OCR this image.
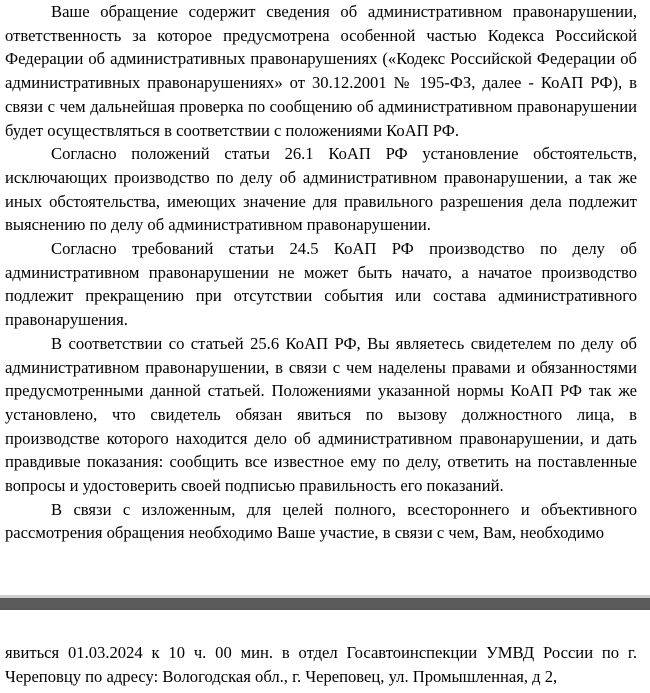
Ваше обращение содержит сведения об административном правонарушении, ответственность за которое предусмотрена особенной частью Кодекса Российской Федерации об административных правонарушениях («Кодекс Российской Федерации об административных правонарушениях» от 30.12.2001 № 195-ФЗ, далее - КоАП РФ), в связи с чем дальнейшая проверка по сообщению об административном правонарушении будет осуществляться в соответствии с положениями КоАП РФ.

Согласно положений статьи 26.1 КоАП РФ установление обстоятельств, исключающих производство по делу об административном правонарушении, а так же иных обстоятельства, имеющих значение для правильного разрешения дела подлежит выяснению по делу об административном правонарушении.

Согласно требований статьи 24.5 КоАП РФ производство по делу об административном правонарушении не может быть начато, а начатое производство подлежит прекращению при отсутствии события или состава административного правонарушения.

В соответствии со статьей 25.6 КоАП РФ, Вы являетесь свидетелем по делу об административном правонарушении, в связи с чем наделены правами и обязанностями предусмотренными данной статьей. Положениями указанной нормы КоАП РФ так же установлено, что свидетель обязан явиться по вызову должностного лица, в производстве которого находится дело об административном правонарушении, и дать правдивые показания: сообщить все известное ему по делу, ответить на поставленные вопросы и удостоверить своей подписью правильность его показаний.

В связи с изложенным, для целей полного, всестороннего и объективного рассмотрения обращения необходимо Ваше участие, в связи с чем, Вам, необходимо

явиться 01.03.2024 к 10 ч. 00 мин. в отдел Госавтоинспекции УМВД России по г. Череповцу по адресу: Вологодская обл., г. Череповец, ул. Промышленная, д 2,
